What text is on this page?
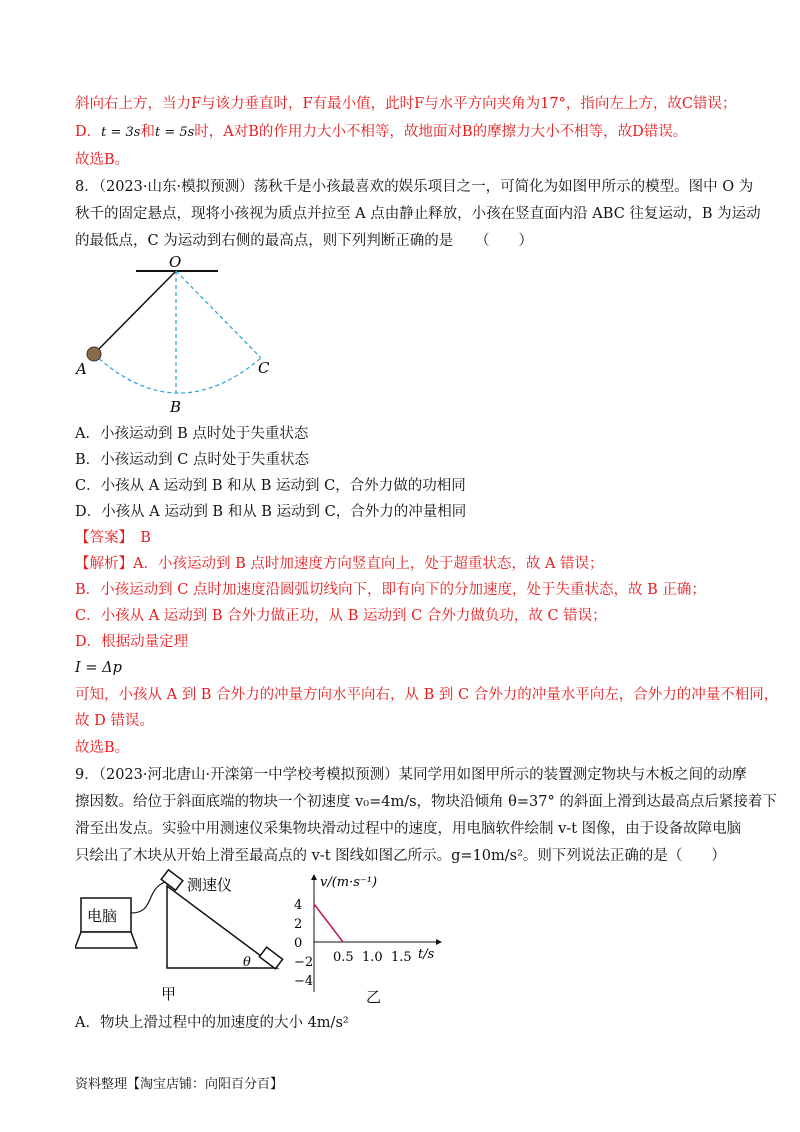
斜向右上方，当力F与该力垂直时，F有最小值，此时F与水平方向夹角为17°，指向左上方，故C错误；
D．t = 3s和t = 5s时，A对B的作用力大小不相等，故地面对B的摩擦力大小不相等，故D错误。
故选B。
8．（2023·山东·模拟预测）荡秋千是小孩最喜欢的娱乐项目之一，可简化为如图甲所示的模型。图中 O 为
秋千的固定悬点，现将小孩视为质点并拉至 A 点由静止释放，小孩在竖直面内沿 ABC 往复运动，B 为运动
的最低点，C 为运动到右侧的最高点，则下列判断正确的是　　（　　）
O
A
B
C
A．小孩运动到 B 点时处于失重状态
B．小孩运动到 C 点时处于失重状态
C．小孩从 A 运动到 B 和从 B 运动到 C，合外力做的功相同
D．小孩从 A 运动到 B 和从 B 运动到 C，合外力的冲量相同
【答案】　B
【解析】A．小孩运动到 B 点时加速度方向竖直向上，处于超重状态，故 A 错误；
B．小孩运动到 C 点时加速度沿圆弧切线向下，即有向下的分加速度，处于失重状态，故 B 正确；
C．小孩从 A 运动到 B 合外力做正功，从 B 运动到 C 合外力做负功，故 C 错误；
D．根据动量定理
I = Δp
可知，小孩从 A 到 B 合外力的冲量方向水平向右，从 B 到 C 合外力的冲量水平向左，合外力的冲量不相同，
故 D 错误。
故选B。
9．（2023·河北唐山·开滦第一中学校考模拟预测）某同学用如图甲所示的装置测定物块与木板之间的动摩
擦因数。给位于斜面底端的物块一个初速度 v₀=4m/s，物块沿倾角 θ=37° 的斜面上滑到达最高点后紧接着下
滑至出发点。实验中用测速仪采集物块滑动过程中的速度，用电脑软件绘制 v-t 图像，由于设备故障电脑
只绘出了木块从开始上滑至最高点的 v-t 图线如图乙所示。g=10m/s²。则下列说法正确的是（　　）
电脑
测速仪
θ
甲
v/(m·s⁻¹)
t/s
4
2
0
−2
−4
0.5 1.0 1.5
乙
A．物块上滑过程中的加速度的大小 4m/s²
资料整理【淘宝店铺：向阳百分百】
